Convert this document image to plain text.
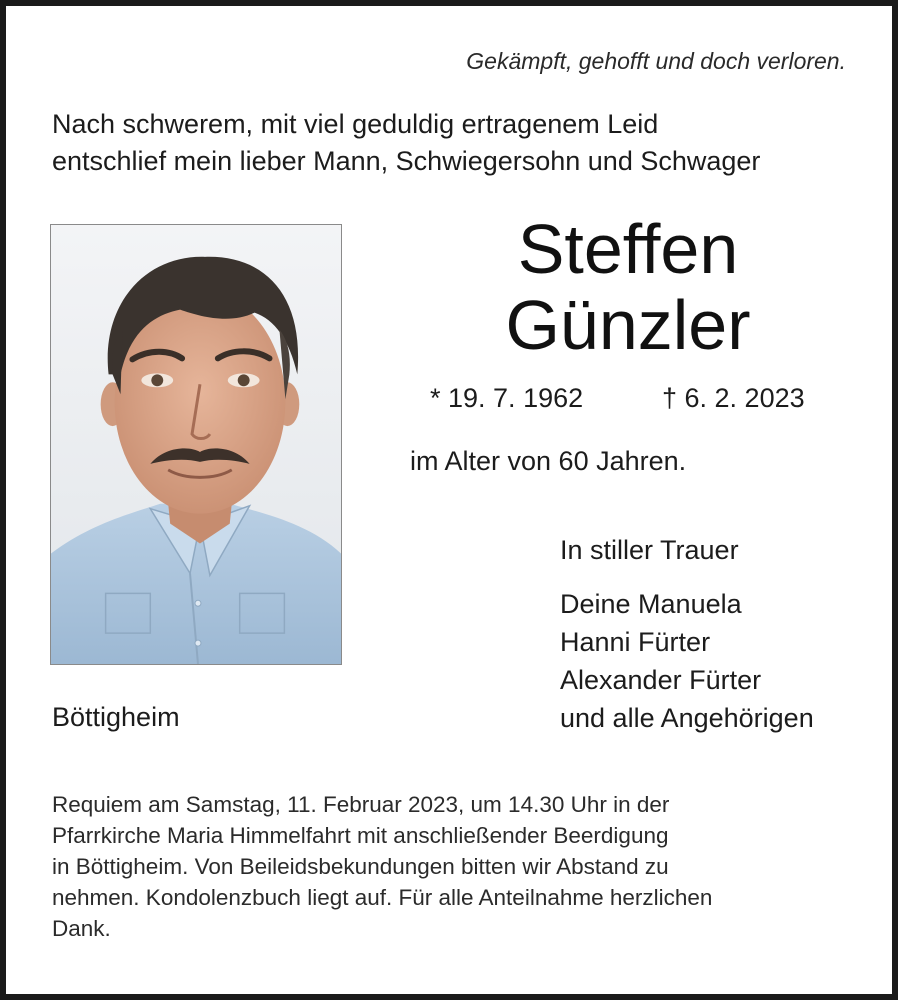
Gekämpft, gehofft und doch verloren.
Nach schwerem, mit viel geduldig ertragenem Leid
entschlief mein lieber Mann, Schwiegersohn und Schwager
Steffen
Günzler
* 19. 7. 1962	† 6. 2. 2023
im Alter von 60 Jahren.
In stiller Trauer
Deine Manuela
Hanni Fürter
Alexander Fürter
und alle Angehörigen
Böttigheim
Requiem am Samstag, 11. Februar 2023, um 14.30 Uhr in der
Pfarrkirche Maria Himmelfahrt mit anschließender Beerdigung
in Böttigheim. Von Beileidsbekundungen bitten wir Abstand zu
nehmen. Kondolenzbuch liegt auf. Für alle Anteilnahme herzlichen
Dank.
